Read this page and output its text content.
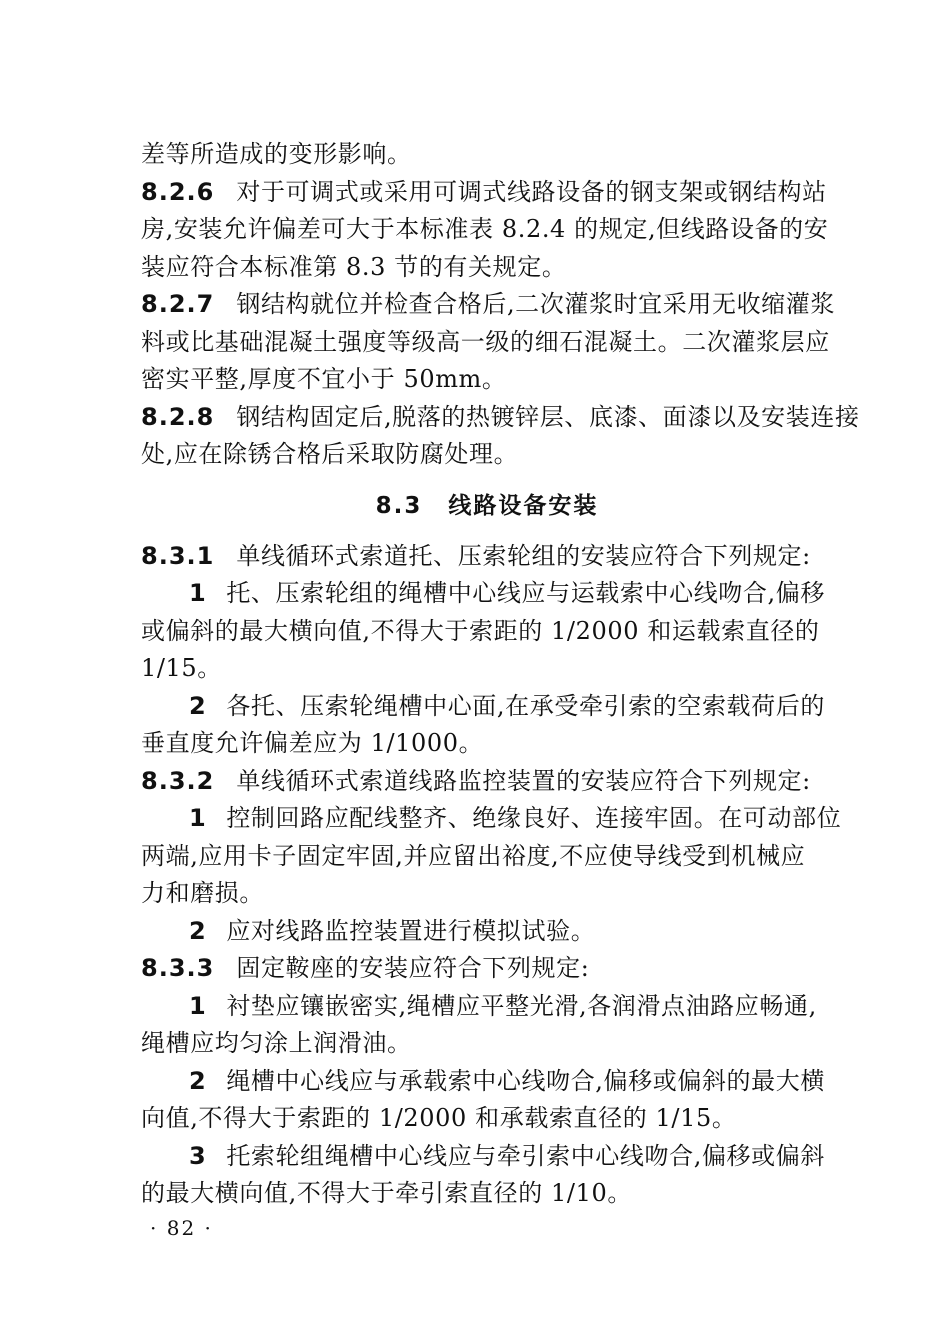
差等所造成的变形影响。
8.2.6 对于可调式或采用可调式线路设备的钢支架或钢结构站
房,安装允许偏差可大于本标准表 8.2.4 的规定,但线路设备的安
装应符合本标准第 8.3 节的有关规定。
8.2.7 钢结构就位并检查合格后,二次灌浆时宜采用无收缩灌浆
料或比基础混凝土强度等级高一级的细石混凝土。二次灌浆层应
密实平整,厚度不宜小于 50mm。
8.2.8 钢结构固定后,脱落的热镀锌层、底漆、面漆以及安装连接
处,应在除锈合格后采取防腐处理。
8.3 线路设备安装
8.3.1 单线循环式索道托、压索轮组的安装应符合下列规定:
1 托、压索轮组的绳槽中心线应与运载索中心线吻合,偏移
或偏斜的最大横向值,不得大于索距的 1/2000 和运载索直径的
1/15。
2 各托、压索轮绳槽中心面,在承受牵引索的空索载荷后的
垂直度允许偏差应为 1/1000。
8.3.2 单线循环式索道线路监控装置的安装应符合下列规定:
1 控制回路应配线整齐、绝缘良好、连接牢固。在可动部位
两端,应用卡子固定牢固,并应留出裕度,不应使导线受到机械应
力和磨损。
2 应对线路监控装置进行模拟试验。
8.3.3 固定鞍座的安装应符合下列规定:
1 衬垫应镶嵌密实,绳槽应平整光滑,各润滑点油路应畅通,
绳槽应均匀涂上润滑油。
2 绳槽中心线应与承载索中心线吻合,偏移或偏斜的最大横
向值,不得大于索距的 1/2000 和承载索直径的 1/15。
3 托索轮组绳槽中心线应与牵引索中心线吻合,偏移或偏斜
的最大横向值,不得大于牵引索直径的 1/10。
· 82 ·
